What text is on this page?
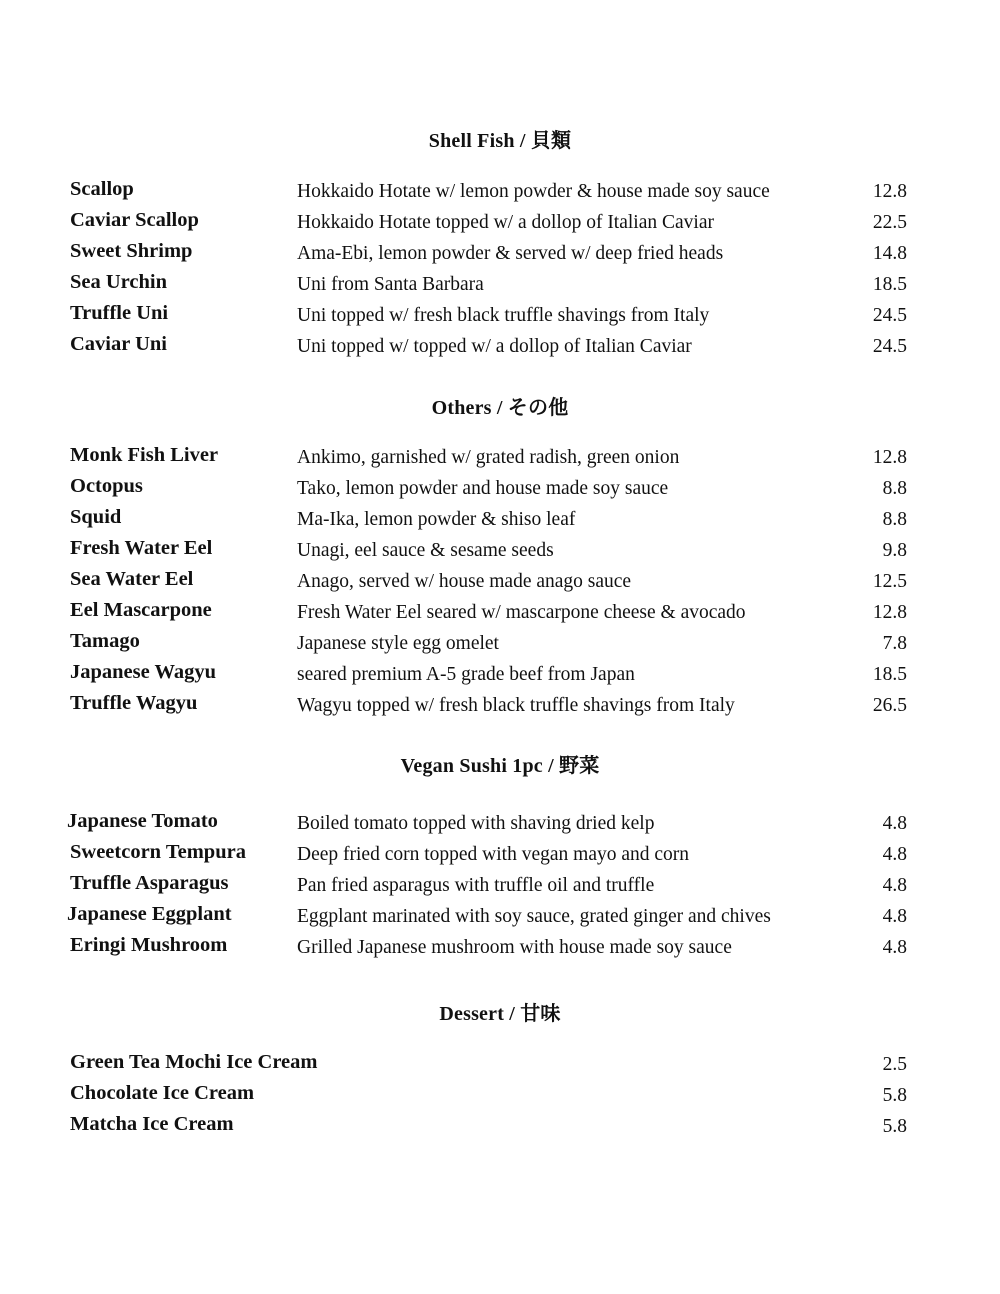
Shell Fish / 貝類
Scallop	Hokkaido Hotate w/ lemon powder & house made soy sauce	12.8
Caviar Scallop	Hokkaido Hotate topped w/ a dollop of Italian Caviar	22.5
Sweet Shrimp	Ama-Ebi, lemon powder & served w/ deep fried heads	14.8
Sea Urchin	Uni from Santa Barbara	18.5
Truffle Uni	Uni topped w/ fresh black truffle shavings from Italy	24.5
Caviar Uni	Uni topped w/ topped w/ a dollop of Italian Caviar	24.5
Others / その他
Monk Fish Liver	Ankimo, garnished w/ grated radish, green onion	12.8
Octopus	Tako, lemon powder and house made soy sauce	8.8
Squid	Ma-Ika, lemon powder & shiso leaf	8.8
Fresh Water Eel	Unagi, eel sauce & sesame seeds	9.8
Sea Water Eel	Anago, served w/ house made anago sauce	12.5
Eel Mascarpone	Fresh Water Eel seared w/ mascarpone cheese & avocado	12.8
Tamago	Japanese style egg omelet	7.8
Japanese Wagyu	seared premium A-5 grade beef from Japan	18.5
Truffle Wagyu	Wagyu topped w/ fresh black truffle shavings from Italy	26.5
Vegan Sushi 1pc / 野菜
Japanese Tomato	Boiled tomato topped with shaving dried kelp	4.8
Sweetcorn Tempura	Deep fried corn topped with vegan mayo and corn	4.8
Truffle Asparagus	Pan fried asparagus with truffle oil and truffle	4.8
Japanese Eggplant	Eggplant marinated with soy sauce, grated ginger and chives	4.8
Eringi Mushroom	Grilled Japanese mushroom with house made soy sauce	4.8
Dessert / 甘味
Green Tea Mochi Ice Cream	2.5
Chocolate Ice Cream	5.8
Matcha Ice Cream	5.8
